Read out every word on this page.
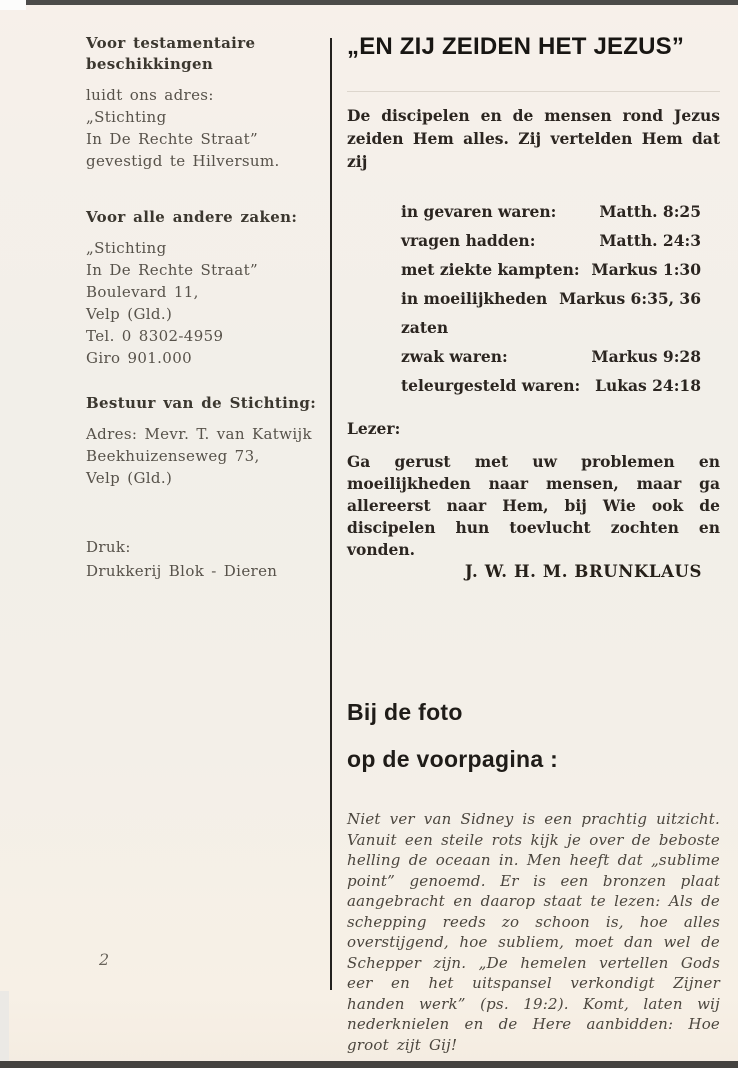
Voor testamentaire
beschikkingen
luidt ons adres:
„Stichting
In De Rechte Straat”
gevestigd te Hilversum.
Voor alle andere zaken:
„Stichting
In De Rechte Straat”
Boulevard 11,
Velp (Gld.)
Tel. 0 8302-4959
Giro 901.000
Bestuur van de Stichting:
Adres: Mevr. T. van Katwijk
Beekhuizenseweg 73,
Velp (Gld.)
Druk:
Drukkerij Blok - Dieren
2
„EN ZIJ ZEIDEN HET JEZUS”
De discipelen en de mensen rond Jezus zeiden Hem alles. Zij vertelden Hem dat zij
in gevaren waren:	Matth. 8:25
vragen hadden:	Matth. 24:3
met ziekte kampten: Markus 1:30
in moeilijkheden zaten
Markus 6:35, 36
zwak waren:	Markus 9:28
teleurgesteld waren: Lukas 24:18
Lezer:
Ga gerust met uw problemen en moeilijkheden naar mensen, maar ga allereerst naar Hem, bij Wie ook de discipelen hun toevlucht zochten en vonden.
J. W. H. M. BRUNKLAUS
Bij de foto
op de voorpagina :
Niet ver van Sidney is een prachtig uitzicht. Vanuit een steile rots kijk je over de beboste helling de oceaan in. Men heeft dat „sublime point” genoemd. Er is een bronzen plaat aangebracht en daarop staat te lezen: Als de schepping reeds zo schoon is, hoe alles overstijgend, hoe subliem, moet dan wel de Schepper zijn. „De hemelen vertellen Gods eer en het uitspansel verkondigt Zijner handen werk” (ps. 19:2). Komt, laten wij nederknielen en de Here aanbidden: Hoe groot zijt Gij!
